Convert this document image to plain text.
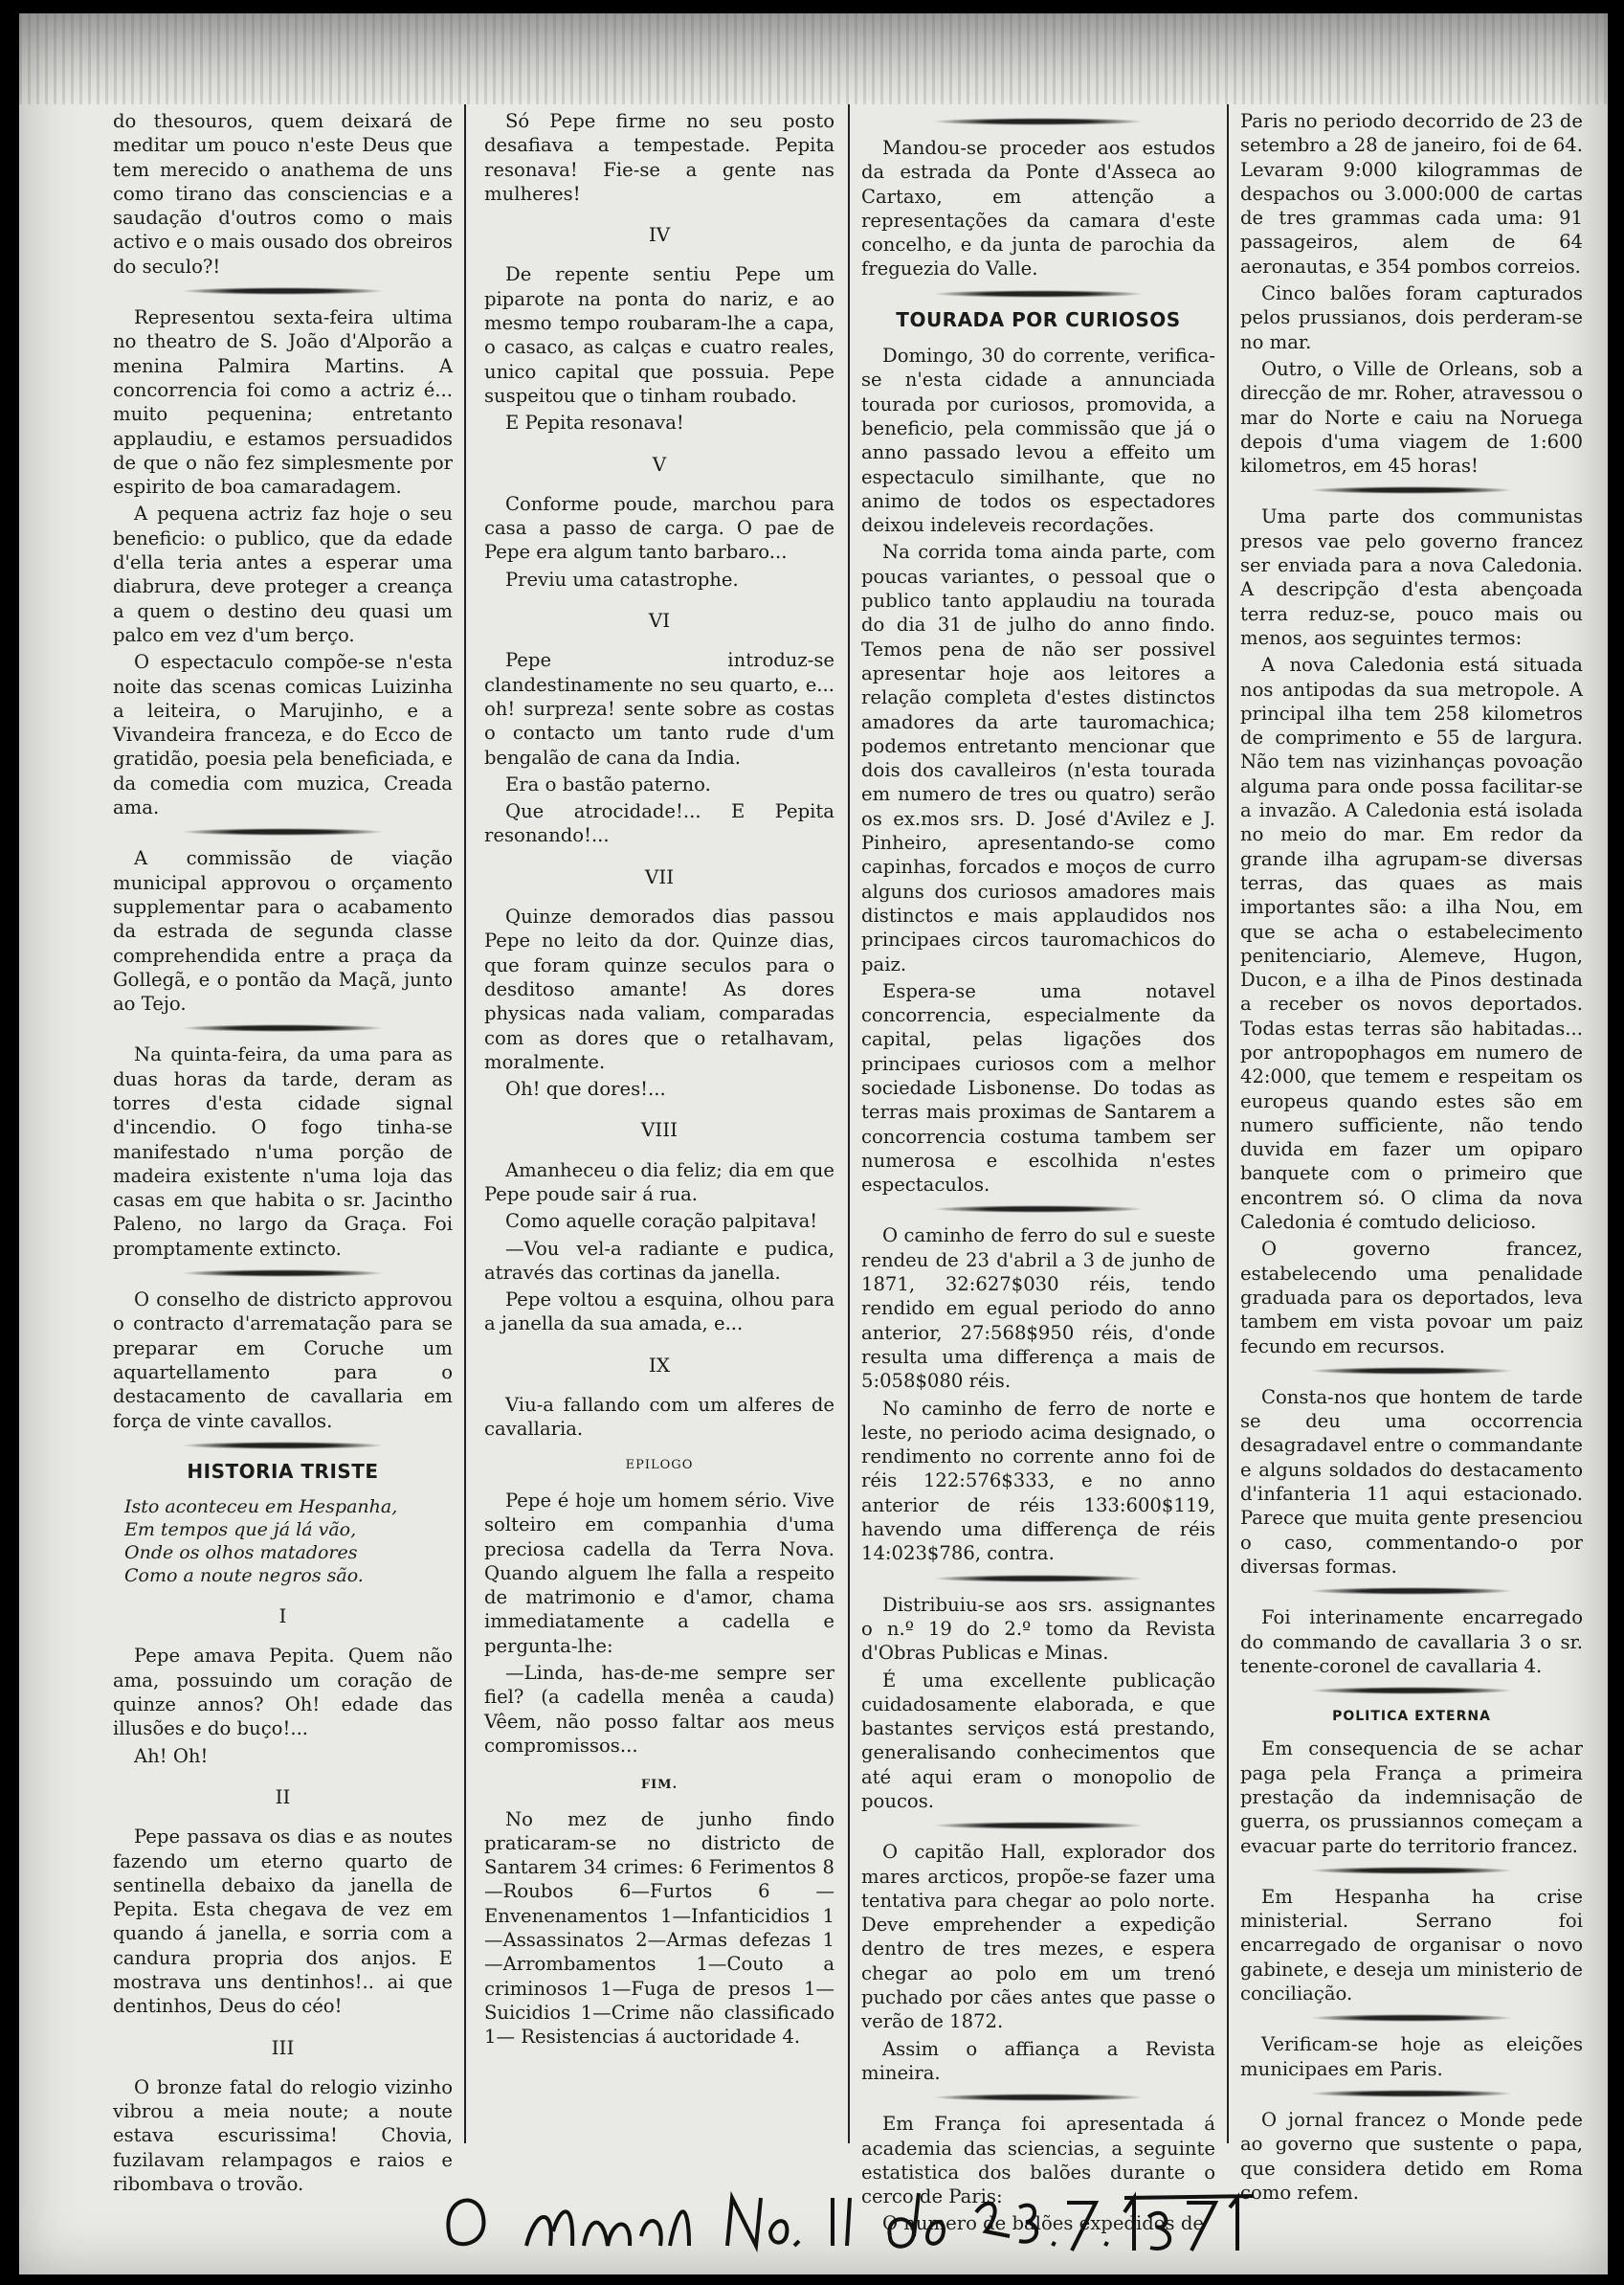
do thesouros, quem deixará de meditar um pouco n'este Deus que tem merecido o anathema de uns como tirano das consciencias e a saudação d'outros como o mais activo e o mais ousado dos obreiros do seculo?!

Representou sexta-feira ultima no theatro de S. João d'Alporão a menina Palmira Martins. A concorrencia foi como a actriz é... muito pequenina; entretanto applaudiu, e estamos persuadidos de que o não fez simplesmente por espirito de boa camaradagem.

A pequena actriz faz hoje o seu beneficio: o publico, que da edade d'ella teria antes a esperar uma diabrura, deve proteger a creança a quem o destino deu quasi um palco em vez d'um berço.

O espectaculo compõe-se n'esta noite das scenas comicas Luizinha a leiteira, o Marujinho, e a Vivandeira franceza, e do Ecco de gratidão, poesia pela beneficiada, e da comedia com muzica, Creada ama.

A commissão de viação municipal approvou o orçamento supplementar para o acabamento da estrada de segunda classe comprehendida entre a praça da Gollegã, e o pontão da Maçã, junto ao Tejo.

Na quinta-feira, da uma para as duas horas da tarde, deram as torres d'esta cidade signal d'incendio. O fogo tinha-se manifestado n'uma porção de madeira existente n'uma loja das casas em que habita o sr. Jacintho Paleno, no largo da Graça. Foi promptamente extincto.

O conselho de districto approvou o contracto d'arrematação para se preparar em Coruche um aquartellamento para o destacamento de cavallaria em força de vinte cavallos.

HISTORIA TRISTE
Isto aconteceu em Hespanha,
Em tempos que já lá vão,
Onde os olhos matadores
Como a noute negros são.
I

Pepe amava Pepita. Quem não ama, possuindo um coração de quinze annos? Oh! edade das illusões e do buço!...

Ah! Oh!

II

Pepe passava os dias e as noutes fazendo um eterno quarto de sentinella debaixo da janella de Pepita. Esta chegava de vez em quando á janella, e sorria com a candura propria dos anjos. E mostrava uns dentinhos!.. ai que dentinhos, Deus do céo!

III

O bronze fatal do relogio vizinho vibrou a meia noute; a noute estava escurissima! Chovia, fuzilavam relampagos e raios e ribombava o trovão.

Só Pepe firme no seu posto desafiava a tempestade. Pepita resonava! Fie-se a gente nas mulheres!

IV

De repente sentiu Pepe um piparote na ponta do nariz, e ao mesmo tempo roubaram-lhe a capa, o casaco, as calças e cuatro reales, unico capital que possuia. Pepe suspeitou que o tinham roubado.

E Pepita resonava!

V

Conforme poude, marchou para casa a passo de carga. O pae de Pepe era algum tanto barbaro...

Previu uma catastrophe.

VI

Pepe introduz-se clandestinamente no seu quarto, e... oh! surpreza! sente sobre as costas o contacto um tanto rude d'um bengalão de cana da India.

Era o bastão paterno.

Que atrocidade!... E Pepita resonando!...

VII

Quinze demorados dias passou Pepe no leito da dor. Quinze dias, que foram quinze seculos para o desditoso amante! As dores physicas nada valiam, comparadas com as dores que o retalhavam, moralmente.

Oh! que dores!...

VIII

Amanheceu o dia feliz; dia em que Pepe poude sair á rua.

Como aquelle coração palpitava!

—Vou vel-a radiante e pudica, através das cortinas da janella.

Pepe voltou a esquina, olhou para a janella da sua amada, e...

IX

Viu-a fallando com um alferes de cavallaria.

EPILOGO

Pepe é hoje um homem sério. Vive solteiro em companhia d'uma preciosa cadella da Terra Nova. Quando alguem lhe falla a respeito de matrimonio e d'amor, chama immediatamente a cadella e pergunta-lhe:

—Linda, has-de-me sempre ser fiel? (a cadella menêa a cauda) Vêem, não posso faltar aos meus compromissos...

FIM.

No mez de junho findo praticaram-se no districto de Santarem 34 crimes: 6 Ferimentos 8—Roubos 6—Furtos 6 —Envenenamentos 1—Infanticidios 1—Assassinatos 2—Armas defezas 1 —Arrombamentos 1—Couto a criminosos 1—Fuga de presos 1—Suicidios 1—Crime não classificado 1— Resistencias á auctoridade 4.

Mandou-se proceder aos estudos da estrada da Ponte d'Asseca ao Cartaxo, em attenção a representações da camara d'este concelho, e da junta de parochia da freguezia do Valle.

TOURADA POR CURIOSOS

Domingo, 30 do corrente, verifica-se n'esta cidade a annunciada tourada por curiosos, promovida, a beneficio, pela commissão que já o anno passado levou a effeito um espectaculo similhante, que no animo de todos os espectadores deixou indeleveis recordações.

Na corrida toma ainda parte, com poucas variantes, o pessoal que o publico tanto applaudiu na tourada do dia 31 de julho do anno findo. Temos pena de não ser possivel apresentar hoje aos leitores a relação completa d'estes distinctos amadores da arte tauromachica; podemos entretanto mencionar que dois dos cavalleiros (n'esta tourada em numero de tres ou quatro) serão os ex.mos srs. D. José d'Avilez e J. Pinheiro, apresentando-se como capinhas, forcados e moços de curro alguns dos curiosos amadores mais distinctos e mais applaudidos nos principaes circos tauromachicos do paiz.

Espera-se uma notavel concorrencia, especialmente da capital, pelas ligações dos principaes curiosos com a melhor sociedade Lisbonense. Do todas as terras mais proximas de Santarem a concorrencia costuma tambem ser numerosa e escolhida n'estes espectaculos.

O caminho de ferro do sul e sueste rendeu de 23 d'abril a 3 de junho de 1871, 32:627$030 réis, tendo rendido em egual periodo do anno anterior, 27:568$950 réis, d'onde resulta uma differença a mais de 5:058$080 réis.

No caminho de ferro de norte e leste, no periodo acima designado, o rendimento no corrente anno foi de réis 122:576$333, e no anno anterior de réis 133:600$119, havendo uma differença de réis 14:023$786, contra.

Distribuiu-se aos srs. assignantes o n.º 19 do 2.º tomo da Revista d'Obras Publicas e Minas.

É uma excellente publicação cuidadosamente elaborada, e que bastantes serviços está prestando, generalisando conhecimentos que até aqui eram o monopolio de poucos.

O capitão Hall, explorador dos mares arcticos, propõe-se fazer uma tentativa para chegar ao polo norte. Deve emprehender a expedição dentro de tres mezes, e espera chegar ao polo em um trenó puchado por cães antes que passe o verão de 1872.

Assim o affiança a Revista mineira.

Em França foi apresentada á academia das sciencias, a seguinte estatistica dos balões durante o cerco de Paris:

O numero de balões expedidos de

Paris no periodo decorrido de 23 de setembro a 28 de janeiro, foi de 64. Levaram 9:000 kilogrammas de despachos ou 3.000:000 de cartas de tres grammas cada uma: 91 passageiros, alem de 64 aeronautas, e 354 pombos correios.

Cinco balões foram capturados pelos prussianos, dois perderam-se no mar.

Outro, o Ville de Orleans, sob a direcção de mr. Roher, atravessou o mar do Norte e caiu na Noruega depois d'uma viagem de 1:600 kilometros, em 45 horas!

Uma parte dos communistas presos vae pelo governo francez ser enviada para a nova Caledonia. A descripção d'esta abençoada terra reduz-se, pouco mais ou menos, aos seguintes termos:

A nova Caledonia está situada nos antipodas da sua metropole. A principal ilha tem 258 kilometros de comprimento e 55 de largura. Não tem nas vizinhanças povoação alguma para onde possa facilitar-se a invazão. A Caledonia está isolada no meio do mar. Em redor da grande ilha agrupam-se diversas terras, das quaes as mais importantes são: a ilha Nou, em que se acha o estabelecimento penitenciario, Alemeve, Hugon, Ducon, e a ilha de Pinos destinada a receber os novos deportados. Todas estas terras são habitadas... por antropophagos em numero de 42:000, que temem e respeitam os europeus quando estes são em numero sufficiente, não tendo duvida em fazer um opiparo banquete com o primeiro que encontrem só. O clima da nova Caledonia é comtudo delicioso.

O governo francez, estabelecendo uma penalidade graduada para os deportados, leva tambem em vista povoar um paiz fecundo em recursos.

Consta-nos que hontem de tarde se deu uma occorrencia desagradavel entre o commandante e alguns soldados do destacamento d'infanteria 11 aqui estacionado. Parece que muita gente presenciou o caso, commentando-o por diversas formas.

Foi interinamente encarregado do commando de cavallaria 3 o sr. tenente-coronel de cavallaria 4.

POLITICA EXTERNA

Em consequencia de se achar paga pela França a primeira prestação da indemnisação de guerra, os prussiannos começam a evacuar parte do territorio francez.

Em Hespanha ha crise ministerial. Serrano foi encarregado de organisar o novo gabinete, e deseja um ministerio de conciliação.

Verificam-se hoje as eleições municipaes em Paris.

O jornal francez o Monde pede ao governo que sustente o papa, que considera detido em Roma como refem.
